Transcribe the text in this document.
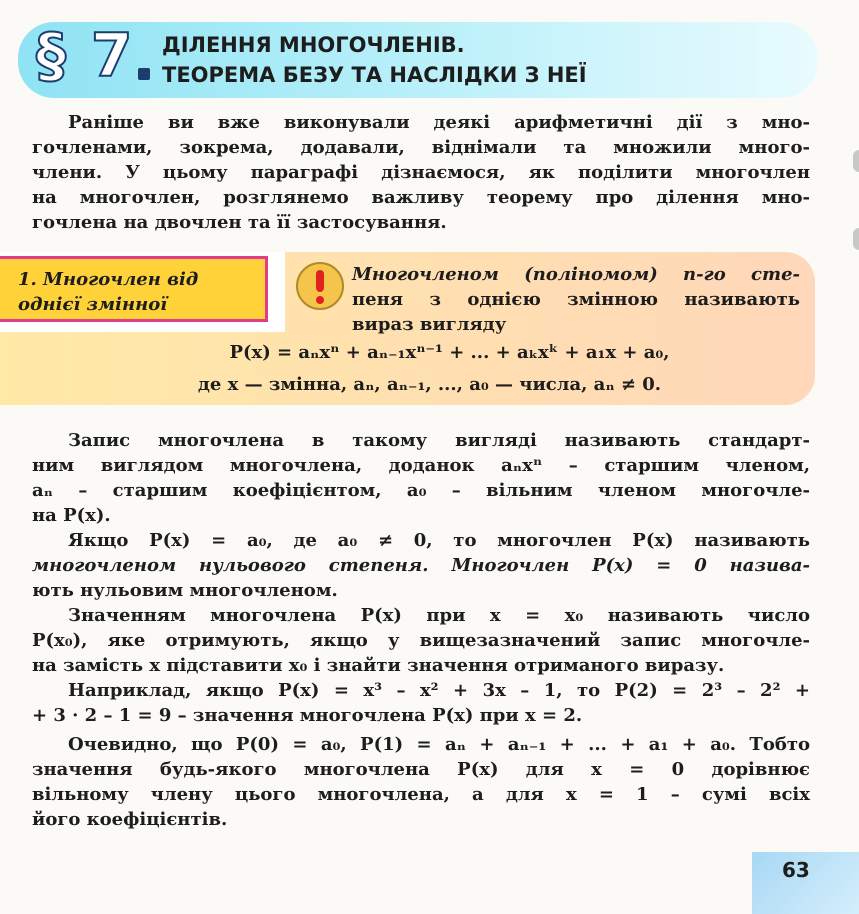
§ 7 ДІЛЕННЯ МНОГОЧЛЕНІВ.
ТЕОРЕМА БЕЗУ ТА НАСЛІДКИ З НЕЇ
Раніше ви вже виконували деякі арифметичні дії з мно-
гочленами, зокрема, додавали, віднімали та множили много-
члени. У цьому параграфі дізнаємося, як поділити многочлен
на многочлен, розглянемо важливу теорему про ділення мно-
гочлена на двочлен та її застосування.
1. Многочлен від
однієї змінної
Многочленом (поліномом) n-го сте-
пеня з однією змінною називають
вираз вигляду
P(x) = aₙxⁿ + aₙ₋₁xⁿ⁻¹ + ... + aₖxᵏ + a₁x + a₀,
де x — змінна, aₙ, aₙ₋₁, ..., a₀ — числа, aₙ ≠ 0.
Запис многочлена в такому вигляді називають стандарт-
ним виглядом многочлена, доданок aₙxⁿ – старшим членом,
aₙ – старшим коефіцієнтом, a₀ – вільним членом многочле-
на P(x).
Якщо P(x) = a₀, де a₀ ≠ 0, то многочлен P(x) називають
многочленом нульового степеня. Многочлен P(x) = 0 назива-
ють нульовим многочленом.
Значенням многочлена P(x) при x = x₀ називають число
P(x₀), яке отримують, якщо у вищезазначений запис многочле-
на замість x підставити x₀ і знайти значення отриманого виразу.
Наприклад, якщо P(x) = x³ – x² + 3x – 1, то P(2) = 2³ – 2² +
+ 3 · 2 – 1 = 9 – значення многочлена P(x) при x = 2.
Очевидно, що P(0) = a₀, P(1) = aₙ + aₙ₋₁ + ... + a₁ + a₀. Тобто
значення будь-якого многочлена P(x) для x = 0 дорівнює
вільному члену цього многочлена, а для x = 1 – сумі всіх
його коефіцієнтів.
63
